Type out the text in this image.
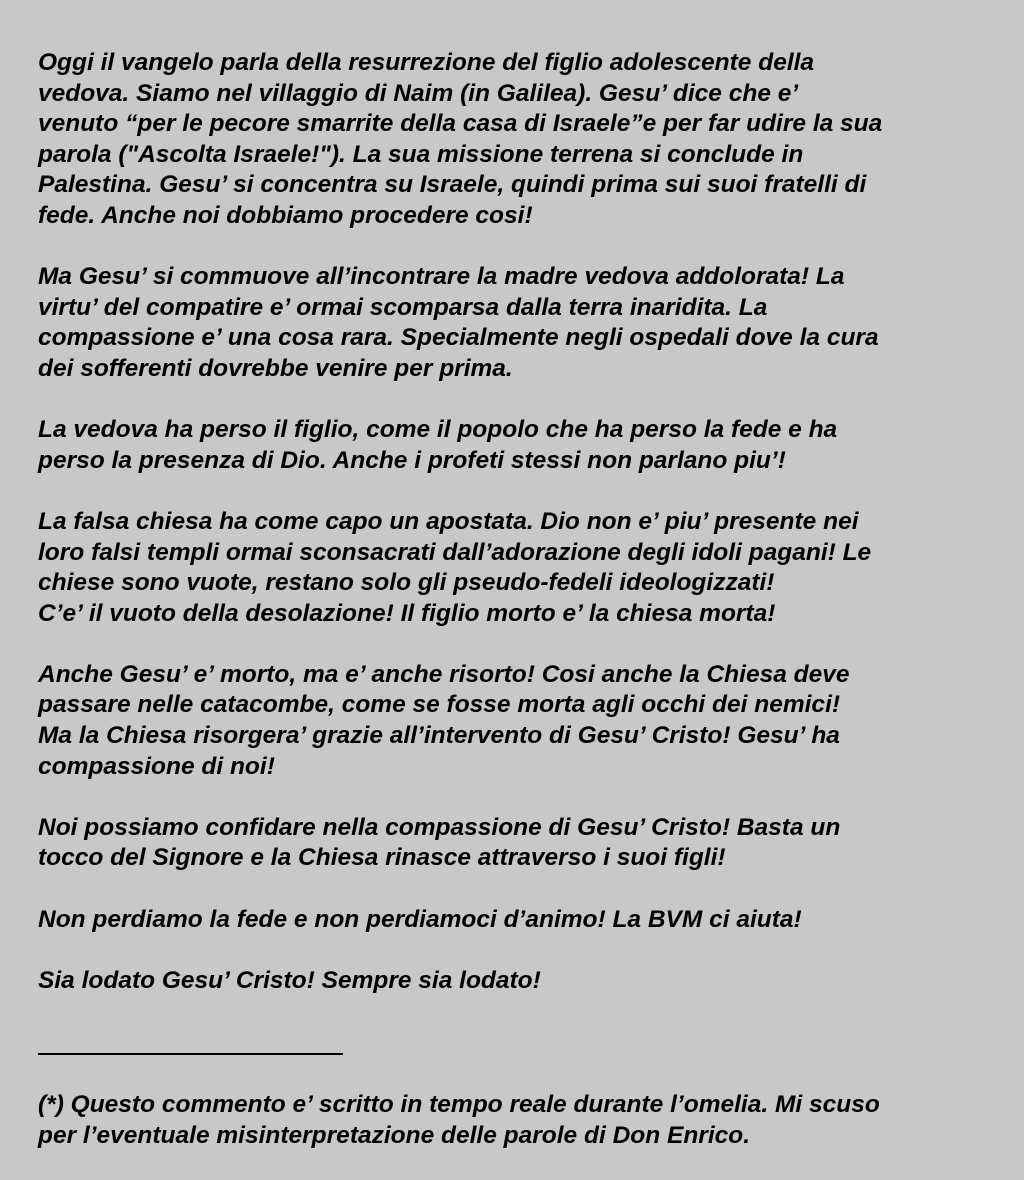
Oggi il vangelo parla della resurrezione del figlio adolescente della
vedova. Siamo nel villaggio di Naim (in Galilea). Gesu’ dice che e’
venuto “per le pecore smarrite della casa di Israele”e per far udire la sua
parola ("Ascolta Israele!"). La sua missione terrena si conclude in
Palestina. Gesu’ si concentra su Israele, quindi prima sui suoi fratelli di
fede. Anche noi dobbiamo procedere cosi!

Ma Gesu’ si commuove all’incontrare la madre vedova addolorata! La
virtu’ del compatire e’ ormai scomparsa dalla terra inaridita. La
compassione e’ una cosa rara. Specialmente negli ospedali dove la cura
dei sofferenti dovrebbe venire per prima.

La vedova ha perso il figlio, come il popolo che ha perso la fede e ha
perso la presenza di Dio. Anche i profeti stessi non parlano piu’!

La falsa chiesa ha come capo un apostata. Dio non e’ piu’ presente nei
loro falsi templi ormai sconsacrati dall’adorazione degli idoli pagani! Le
chiese sono vuote, restano solo gli pseudo-fedeli ideologizzati!
C’e’ il vuoto della desolazione! Il figlio morto e’ la chiesa morta!

Anche Gesu’ e’ morto, ma e’ anche risorto! Cosi anche la Chiesa deve
passare nelle catacombe, come se fosse morta agli occhi dei nemici!
Ma la Chiesa risorgera’ grazie all’intervento di Gesu’ Cristo! Gesu’ ha
compassione di noi!

Noi possiamo confidare nella compassione di Gesu’ Cristo! Basta un
tocco del Signore e la Chiesa rinasce attraverso i suoi figli!

Non perdiamo la fede e non perdiamoci d’animo! La BVM ci aiuta!

Sia lodato Gesu’ Cristo! Sempre sia lodato!

(*) Questo commento e’ scritto in tempo reale durante l’omelia. Mi scuso
per l’eventuale misinterpretazione delle parole di Don Enrico.
